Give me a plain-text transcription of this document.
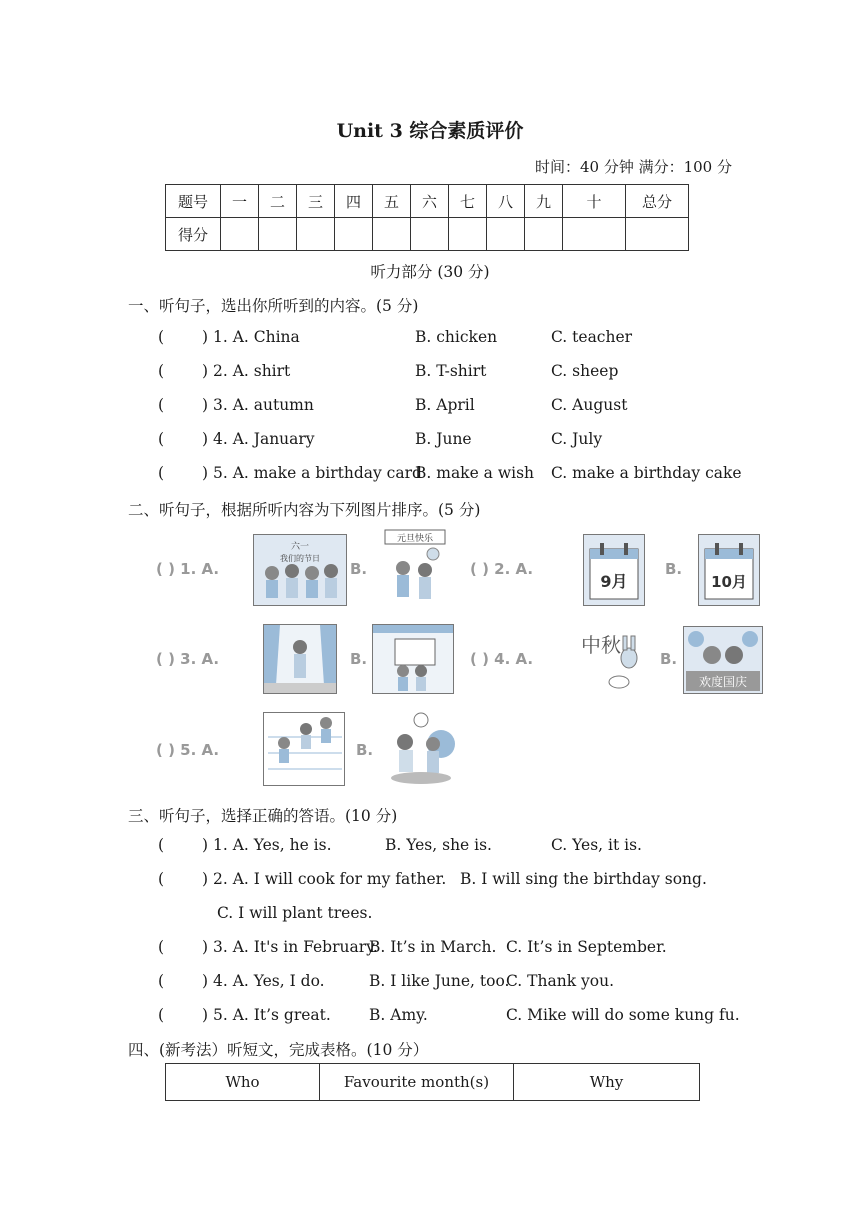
Unit 3 综合素质评价
时间：40 分钟 满分：100 分
题号	一	二	三	四	五	六	七	八	九	十	总分
得分											
听力部分 (30 分)
一、听句子，选出你所听到的内容。(5 分)
( ) 1. A. China	B. chicken	C. teacher
( ) 2. A. shirt	B. T-shirt	C. sheep
( ) 3. A. autumn	B. April	C. August
( ) 4. A. January	B. June	C. July
( ) 5. A. make a birthday card
B. make a wish C. make a birthday cake
二、听句子，根据所听内容为下列图片排序。(5 分)
( ) 1. A.
六一
我们的节日
B.
元旦快乐
( ) 2. A.
9月
B.
10月
( ) 3. A.	B.	( ) 4. A.
中秋
B.
欢度国庆
( ) 5. A.	B.
三、听句子，选择正确的答语。(10 分)
( ) 1. A. Yes, he is.	B. Yes, she is.	C. Yes, it is.
( ) 2. A. I will cook for my father. B. I will sing the birthday song.
C. I will plant trees.
( ) 3. A. It's in February.
B. It’s in March. C. It’s in September.
( ) 4. A. Yes, I do.	B. I like June, too.
C. Thank you.
( ) 5. A. It’s great. B. Amy.	C. Mike will do some kung fu.
四、(新考法）听短文，完成表格。(10 分）
Who	Favourite month(s)	Why
